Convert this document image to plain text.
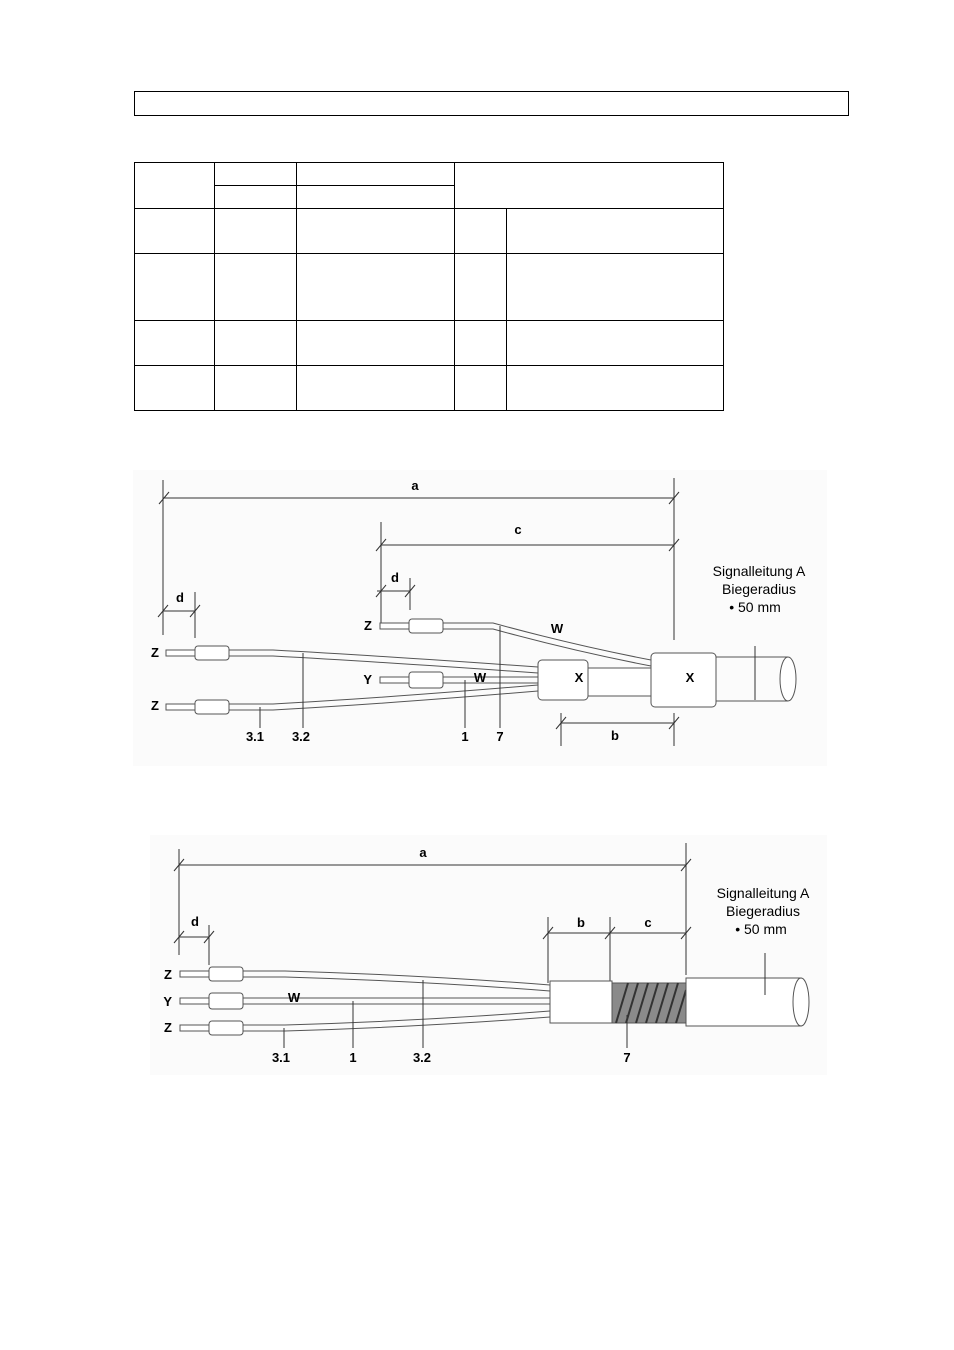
a
c
d
d
b
X	X
Z
Z
Z
Y
W
W
3.1 3.2	1 7
Signalleitung A
Biegeradius
• 50 mm
a
d	b	c
Z
Y
Z
W
3.1	1	3.2	7
Signalleitung A
Biegeradius
• 50 mm
